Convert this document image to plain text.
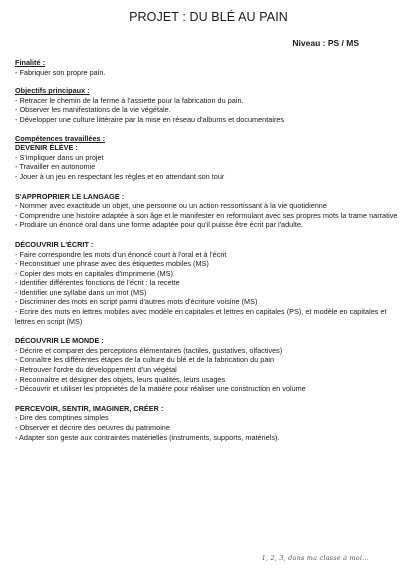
PROJET : DU BLÉ AU PAIN
Niveau : PS / MS
Finalité :
- Fabriquer son propre pain.
Objectifs principaux :
- Retracer le chemin de la ferme à l'assiette pour la fabrication du pain.
- Observer les manifestations de la vie végétale.
- Développer une culture littéraire par la mise en réseau d'albums et documentaires
Compétences travaillées :
DEVENIR ÉLÈVE :
- S'impliquer dans un projet
- Travailler en autonomie
- Jouer à un jeu en respectant les règles et en attendant son tour
S'APPROPRIER LE LANGAGE :
- Nommer avec exactitude un objet, une personne ou un action ressortissant à la vie quotidienne
- Comprendre une histoire adaptée à son âge et le manifester en reformulant avec ses propres mots la trame narrative
- Produire un énoncé oral dans une forme adaptée pour qu'il puisse être écrit par l'adulte.
DÉCOUVRIR L'ÉCRIT :
- Faire correspondre les mots d'un énoncé court à l'oral et à l'écrit
- Reconstituer une phrase avec des étiquettes mobiles (MS)
- Copier des mots en capitales d'imprimerie (MS)
- Identifier différentes fonctions de l'écrit : la recette
- Identifier une syllabe dans un mot (MS)
- Discriminer des mots en script parmi d'autres mots d'écriture voisine (MS)
- Ecrire des mots en lettres mobiles avec modèle en capitales et lettres en capitales (PS), et modèle en capitales et lettres en script (MS)
DÉCOUVRIR LE MONDE :
- Décrire et comparer des perceptions élémentaires (tactiles, gustatives, olfactives)
- Connaître les différentes étapes de la culture du blé et de la fabrication du pain
- Retrouver l'ordre du développement d'un végétal
- Reconnaître et désigner des objets, leurs qualités, leurs usages
- Découvrir et utiliser les propriétés de la matière pour réaliser une construction en volume
PERCEVOIR, SENTIR, IMAGINER, CRÉER :
- Dire des comptines simples
- Observer et décrire des oeuvres du patrimoine
- Adapter son geste aux contraintes matérielles (instruments, supports, matériels).
1, 2, 3, dans ma classe à moi...
